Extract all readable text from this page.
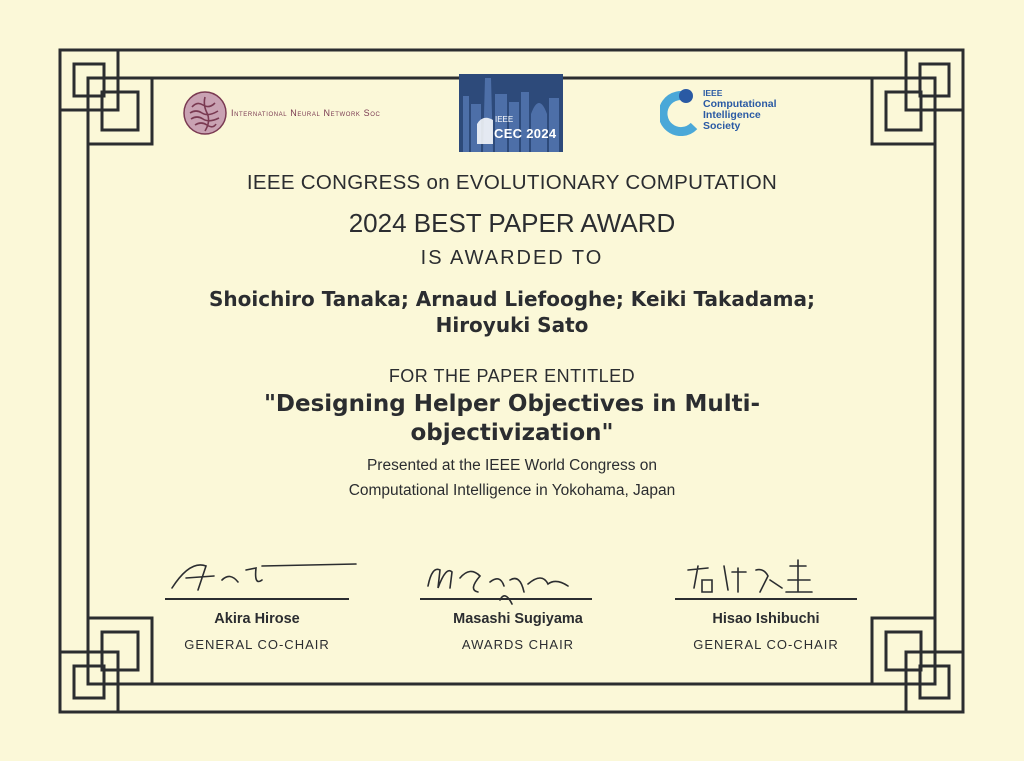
International Neural Network Soc
IEEE
CEC 2024
IEEE
Computational
Intelligence
Society
IEEE CONGRESS on EVOLUTIONARY COMPUTATION
2024 BEST PAPER AWARD
IS AWARDED TO
Shoichiro Tanaka; Arnaud Liefooghe; Keiki Takadama; Hiroyuki Sato
FOR THE PAPER ENTITLED
"Designing Helper Objectives in Multi-objectivization"
Presented at the IEEE World Congress on
Computational Intelligence in Yokohama, Japan
Akira Hirose
GENERAL CO-CHAIR
Masashi Sugiyama
AWARDS CHAIR
Hisao Ishibuchi
GENERAL CO-CHAIR
